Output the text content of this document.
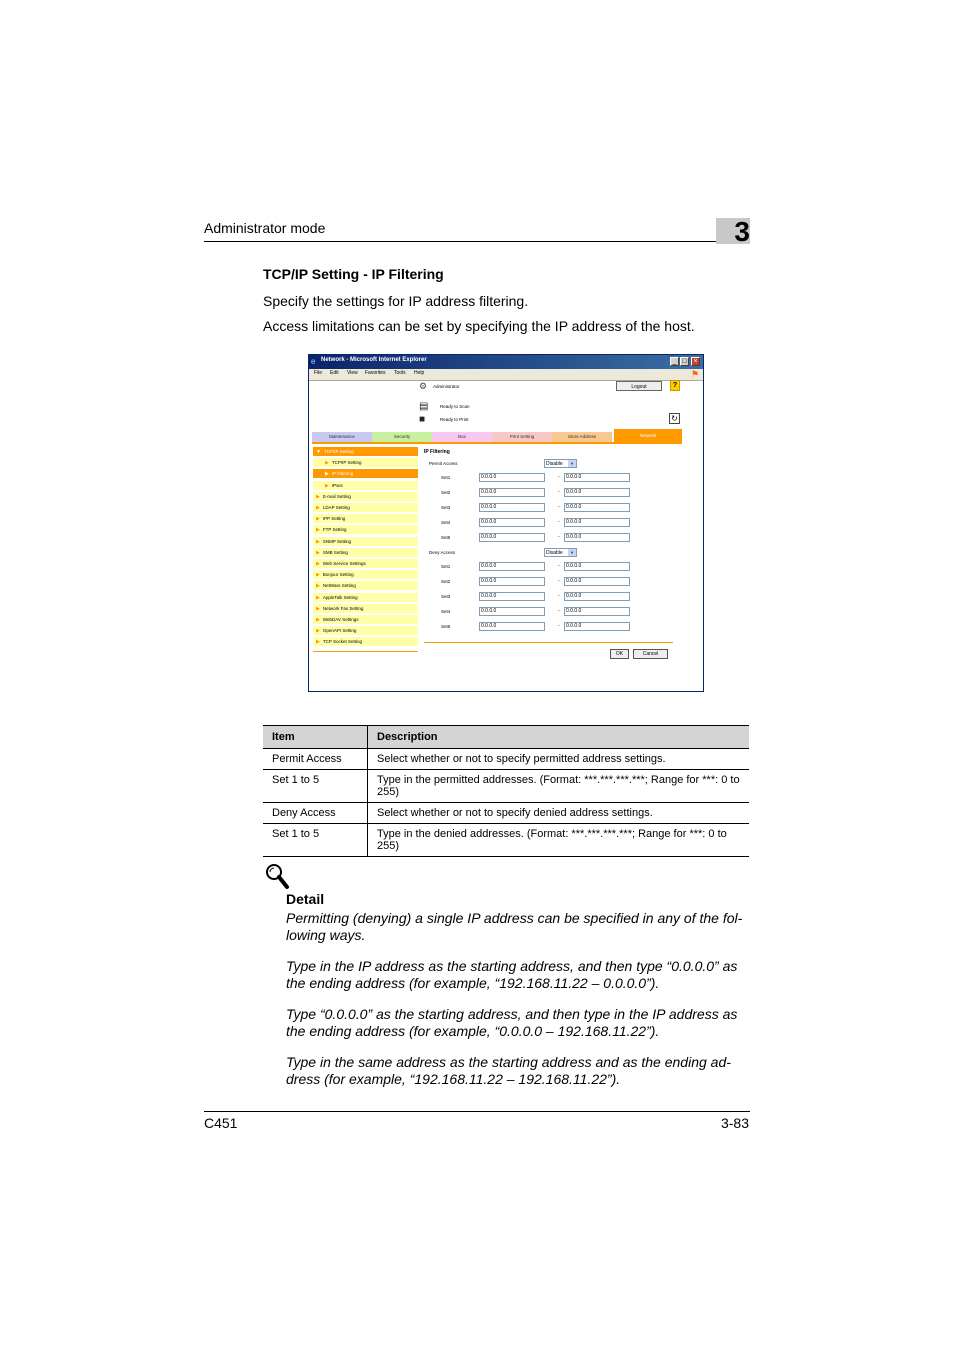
Administrator mode	3
TCP/IP Setting - IP Filtering
Specify the settings for IP address filtering.
Access limitations can be set by specifying the IP address of the host.
e Network - Microsoft Internet Explorer	_ □ ×
File Edit View Favorites Tools Help	⚑
⚙	Administrator	Logout	?
▤	Ready to Scan
■	Ready to Print	↻
Maintenance	Security	Box	Print Setting	Store Address	Network
▼ TCP/IP Setting
▶ TCP/IP Setting
▶ IP Filtering
▶ IPsec
▶ E-mail Setting
▶ LDAP Setting
▶ IPP Setting
▶ FTP Setting
▶ SNMP Setting
▶ SMB Setting
▶ Web Service Settings
▶ Bonjour Setting
▶ NetWare Setting
▶ AppleTalk Setting
▶ Network Fax Setting
▶ WebDAV Settings
▶ OpenAPI Setting
▶ TCP Socket Setting
IP Filtering
Permit Access	Disable	▼
Set1	0.0.0.0	-	0.0.0.0
Set2	0.0.0.0	-	0.0.0.0
Set3	0.0.0.0	-	0.0.0.0
Set4	0.0.0.0	-	0.0.0.0
Set5	0.0.0.0	-	0.0.0.0
Deny Access	Disable	▼
Set1	0.0.0.0	-	0.0.0.0
Set2	0.0.0.0	-	0.0.0.0
Set3	0.0.0.0	-	0.0.0.0
Set4	0.0.0.0	-	0.0.0.0
Set5	0.0.0.0	-	0.0.0.0
OK	Cancel
Item	Description
Permit Access	Select whether or not to specify permitted address settings.
Set 1 to 5	Type in the permitted addresses. (Format: ***.***.***.***; Range for ***: 0 to 255)
Deny Access	Select whether or not to specify denied address settings.
Set 1 to 5	Type in the denied addresses. (Format: ***.***.***.***; Range for ***: 0 to 255)
Detail
Permitting (denying) a single IP address can be specified in any of the fol-lowing ways.
Type in the IP address as the starting address, and then type “0.0.0.0” as the ending address (for example, “192.168.11.22 – 0.0.0.0”).
Type “0.0.0.0” as the starting address, and then type in the IP address as the ending address (for example, “0.0.0.0 – 192.168.11.22”).
Type in the same address as the starting address and as the ending ad-dress (for example, “192.168.11.22 – 192.168.11.22”).
C451	3-83
